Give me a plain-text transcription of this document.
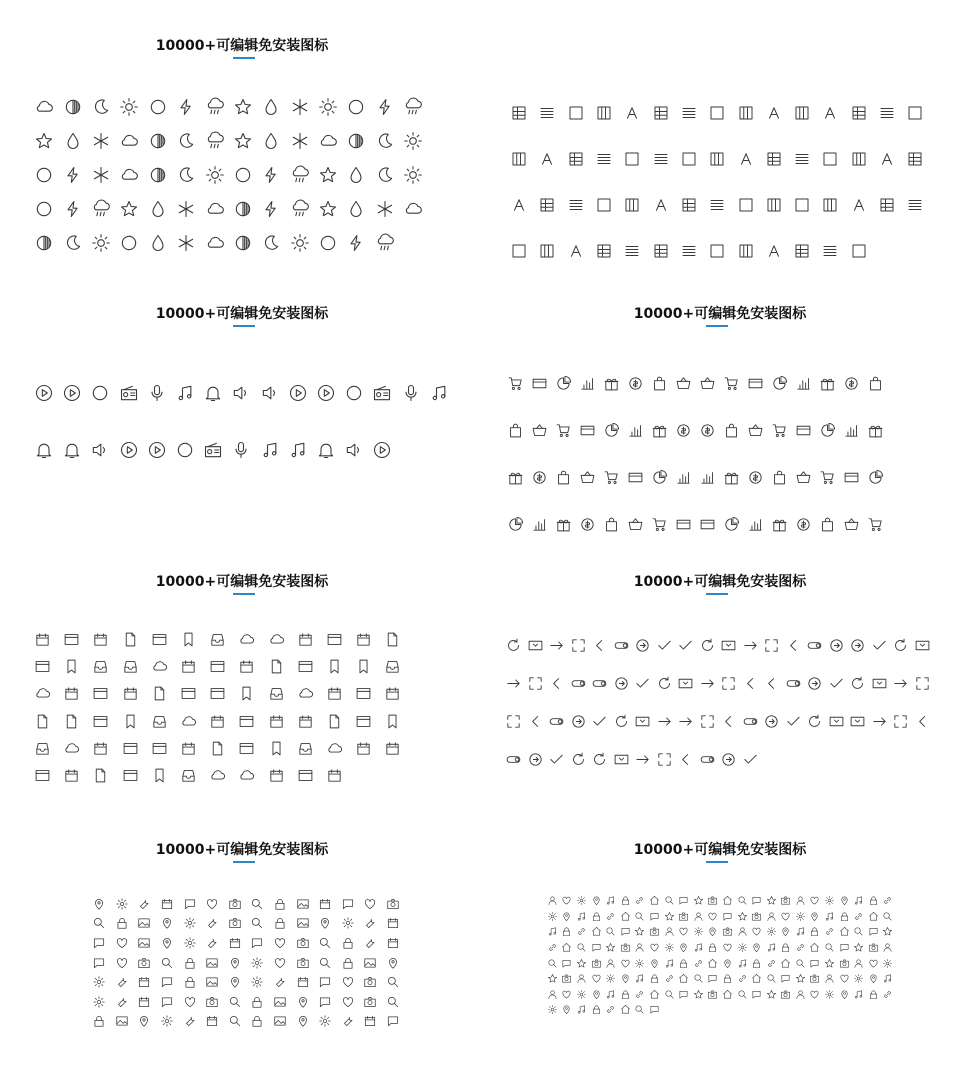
10000+可编辑免安装图标
10000+可编辑免安装图标	10000+可编辑免安装图标
10000+可编辑免安装图标	10000+可编辑免安装图标
10000+可编辑免安装图标	10000+可编辑免安装图标
